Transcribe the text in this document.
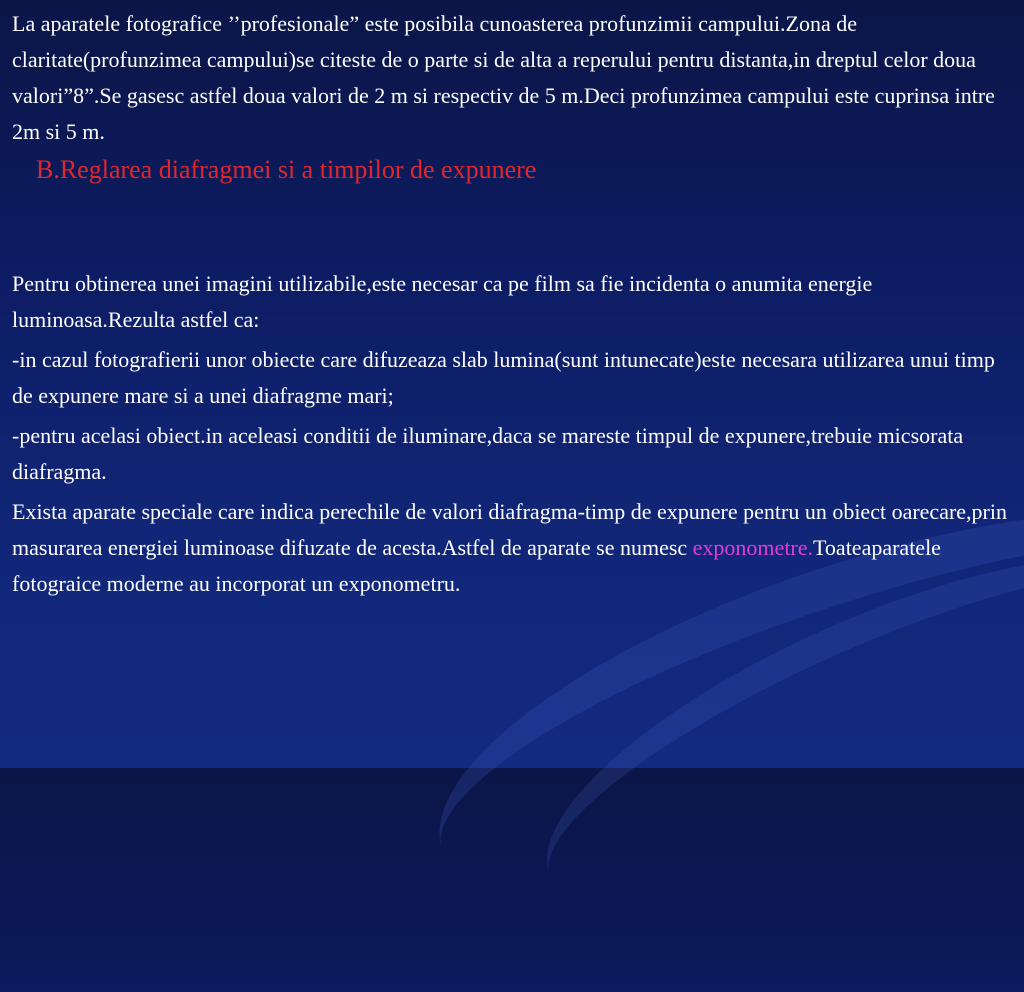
La aparatele fotografice ’’profesionale” este posibila cunoasterea profunzimii campului.Zona de claritate(profunzimea campului)se citeste de o parte si de alta a reperului pentru distanta,in dreptul celor doua valori”8”.Se gasesc astfel doua valori de 2 m si respectiv de 5 m.Deci profunzimea campului este cuprinsa intre 2m si 5 m.

B.Reglarea diafragmei si a timpilor de expunere

Pentru obtinerea unei imagini utilizabile,este necesar ca pe film sa fie incidenta o anumita energie luminoasa.Rezulta astfel ca:

-in cazul fotografierii unor obiecte care difuzeaza slab lumina(sunt intunecate)este necesara utilizarea unui timp de expunere mare si a unei diafragme mari;

-pentru acelasi obiect.in aceleasi conditii de iluminare,daca se mareste timpul de expunere,trebuie micsorata diafragma.

Exista aparate speciale care indica perechile de valori diafragma-timp de expunere pentru un obiect oarecare,prin masurarea energiei luminoase difuzate de acesta.Astfel de aparate se numesc exponometre.Toateaparatele fotograice moderne au incorporat un exponometru.
